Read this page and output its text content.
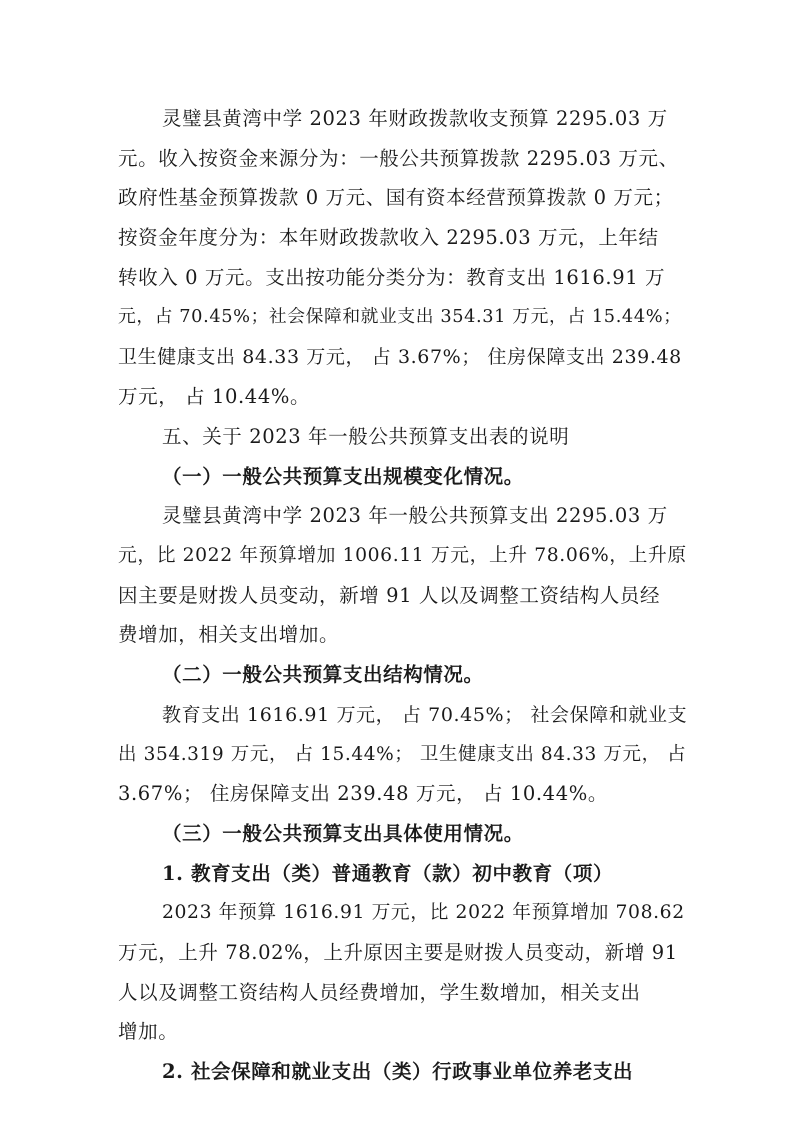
灵璧县黄湾中学 2023 年财政拨款收支预算 2295.03 万

元。收入按资金来源分为：一般公共预算拨款 2295.03 万元、

政府性基金预算拨款 0 万元、国有资本经营预算拨款 0 万元；

按资金年度分为：本年财政拨款收入 2295.03 万元，上年结

转收入 0 万元。支出按功能分类分为：教育支出 1616.91 万

元，占 70.45%；社会保障和就业支出 354.31 万元，占 15.44%；

卫生健康支出 84.33 万元， 占 3.67%； 住房保障支出 239.48

万元， 占 10.44%。

五、关于 2023 年一般公共预算支出表的说明

（一）一般公共预算支出规模变化情况。

灵璧县黄湾中学 2023 年一般公共预算支出 2295.03 万

元，比 2022 年预算增加 1006.11 万元，上升 78.06%，上升原

因主要是财拨人员变动，新增 91 人以及调整工资结构人员经

费增加，相关支出增加。

（二）一般公共预算支出结构情况。

教育支出 1616.91 万元， 占 70.45%； 社会保障和就业支

出 354.319 万元， 占 15.44%； 卫生健康支出 84.33 万元， 占

3.67%； 住房保障支出 239.48 万元， 占 10.44%。

（三）一般公共预算支出具体使用情况。

1. 教育支出（类）普通教育（款）初中教育（项）

2023 年预算 1616.91 万元，比 2022 年预算增加 708.62

万元，上升 78.02%，上升原因主要是财拨人员变动，新增 91

人以及调整工资结构人员经费增加，学生数增加，相关支出

增加。

2. 社会保障和就业支出（类）行政事业单位养老支出
